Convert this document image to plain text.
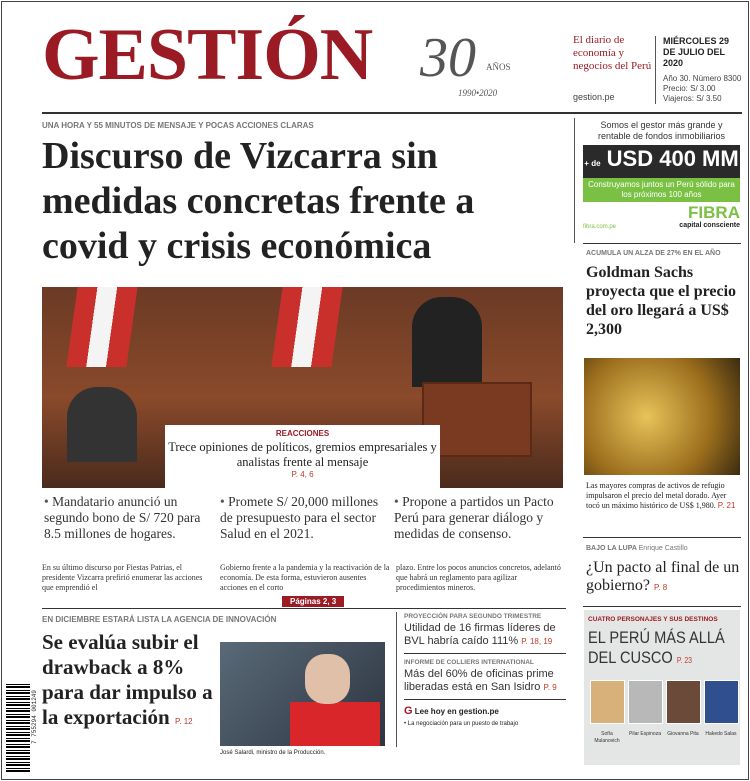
GESTIÓN 30 AÑOS
1990•2020
El diario de economía y negocios del Perú
gestion.pe
MIÉRCOLES 29 DE JULIO DEL 2020
Año 30. Número 8300
Precio: S/ 3.00
Viajeros: S/ 3.50
UNA HORA Y 55 MINUTOS DE MENSAJE Y POCAS ACCIONES CLARAS
Discurso de Vizcarra sin medidas concretas frente a covid y crisis económica
REACCIONES
Trece opiniones de políticos, gremios empresariales y analistas frente al mensaje
P. 4, 6
• Mandatario anunció un segundo bono de S/ 720 para 8.5 millones de hogares.
• Promete S/ 20,000 millones de presupuesto para el sector Salud en el 2021.
• Propone a partidos un Pacto Perú para generar diálogo y medidas de consenso.
En su último discurso por Fiestas Patrias, el presidente Vizcarra prefirió enumerar las acciones que emprendió el
Gobierno frente a la pandemia y la reactivación de la economía. De esta forma, estuvieron ausentes acciones en el corto
plazo. Entre los pocos anuncios concretos, adelantó que habrá un reglamento para agilizar procedimientos mineros.
Páginas 2, 3
EN DICIEMBRE ESTARÁ LISTA LA AGENCIA DE INNOVACIÓN
Se evalúa subir el drawback a 8% para dar impulso a la exportación P. 12
7 755294 001249
José Salardi, ministro de la Producción.
PROYECCIÓN PARA SEGUNDO TRIMESTRE
Utilidad de 16 firmas líderes de BVL habría caído 111% P. 18, 19
INFORME DE COLLIERS INTERNATIONAL
Más del 60% de oficinas prime liberadas está en San Isidro P. 9
G Lee hoy en gestion.pe
• La negociación para un puesto de trabajo
Somos el gestor más grande y rentable de fondos inmobiliarios
+ de USD 400 MM
Construyamos juntos un Perú sólido para los próximos 100 años
fibra.com.pe
FIBRA
capital consciente
ACUMULA UN ALZA DE 27% EN EL AÑO
Goldman Sachs proyecta que el precio del oro llegará a US$ 2,300
Las mayores compras de activos de refugio impulsaron el precio del metal dorado. Ayer tocó un máximo histórico de US$ 1,980. P. 21
BAJO LA LUPA Enrique Castillo
¿Un pacto al final de un gobierno? P. 8
CUATRO PERSONAJES Y SUS DESTINOS
EL PERÚ MÁS ALLÁ DEL CUSCO P. 23
Sofía Mulanovich
Pilar Espinoza	Giovanna Pita	Hakedo Salas
